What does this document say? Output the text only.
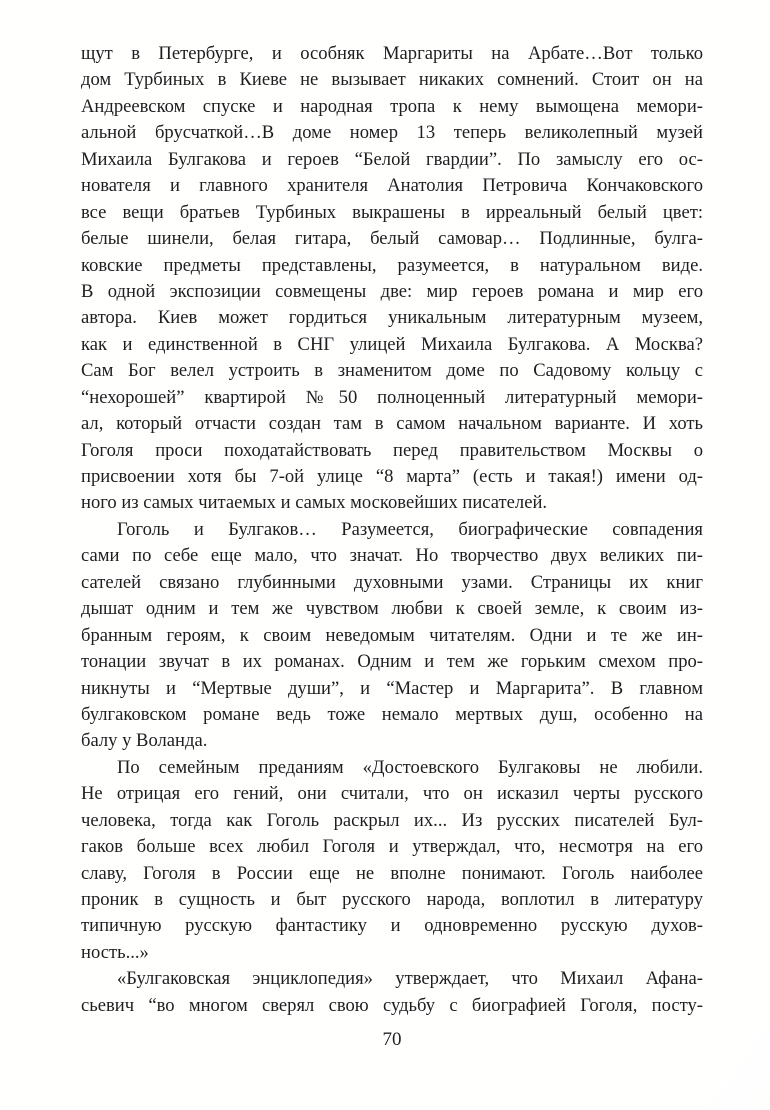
щут в Петербурге, и особняк Маргариты на Арбате…Вот только
дом Турбиных в Киеве не вызывает никаких сомнений. Стоит он на
Андреевском спуске и народная тропа к нему вымощена мемори-
альной брусчаткой…В доме номер 13 теперь великолепный музей
Михаила Булгакова и героев “Белой гвардии”. По замыслу его ос-
нователя и главного хранителя Анатолия Петровича Кончаковского
все вещи братьев Турбиных выкрашены в ирреальный белый цвет:
белые шинели, белая гитара, белый самовар… Подлинные, булга-
ковские предметы представлены, разумеется, в натуральном виде.
В одной экспозиции совмещены две: мир героев романа и мир его
автора. Киев может гордиться уникальным литературным музеем,
как и единственной в СНГ улицей Михаила Булгакова. А Москва?
Сам Бог велел устроить в знаменитом доме по Садовому кольцу с
“нехорошей” квартирой №50 полноценный литературный мемори-
ал, который отчасти создан там в самом начальном варианте. И хоть
Гоголя проси походатайствовать перед правительством Москвы о
присвоении хотя бы 7-ой улице “8 марта” (есть и такая!) имени од-
ного из самых читаемых и самых московейших писателей.
Гоголь и Булгаков… Разумеется, биографические совпадения
сами по себе еще мало, что значат. Но творчество двух великих пи-
сателей связано глубинными духовными узами. Страницы их книг
дышат одним и тем же чувством любви к своей земле, к своим из-
бранным героям, к своим неведомым читателям. Одни и те же ин-
тонации звучат в их романах. Одним и тем же горьким смехом про-
никнуты и “Мертвые души”, и “Мастер и Маргарита”. В главном
булгаковском романе ведь тоже немало мертвых душ, особенно на
балу у Воланда.
По семейным преданиям «Достоевского Булгаковы не любили.
Не отрицая его гений, они считали, что он исказил черты русского
человека, тогда как Гоголь раскрыл их... Из русских писателей Бул-
гаков больше всех любил Гоголя и утверждал, что, несмотря на его
славу, Гоголя в России еще не вполне понимают. Гоголь наиболее
проник в сущность и быт русского народа, воплотил в литературу
типичную русскую фантастику и одновременно русскую духов-
ность...»
«Булгаковская энциклопедия» утверждает, что Михаил Афана-
сьевич “во многом сверял свою судьбу с биографией Гоголя, посту-
70
